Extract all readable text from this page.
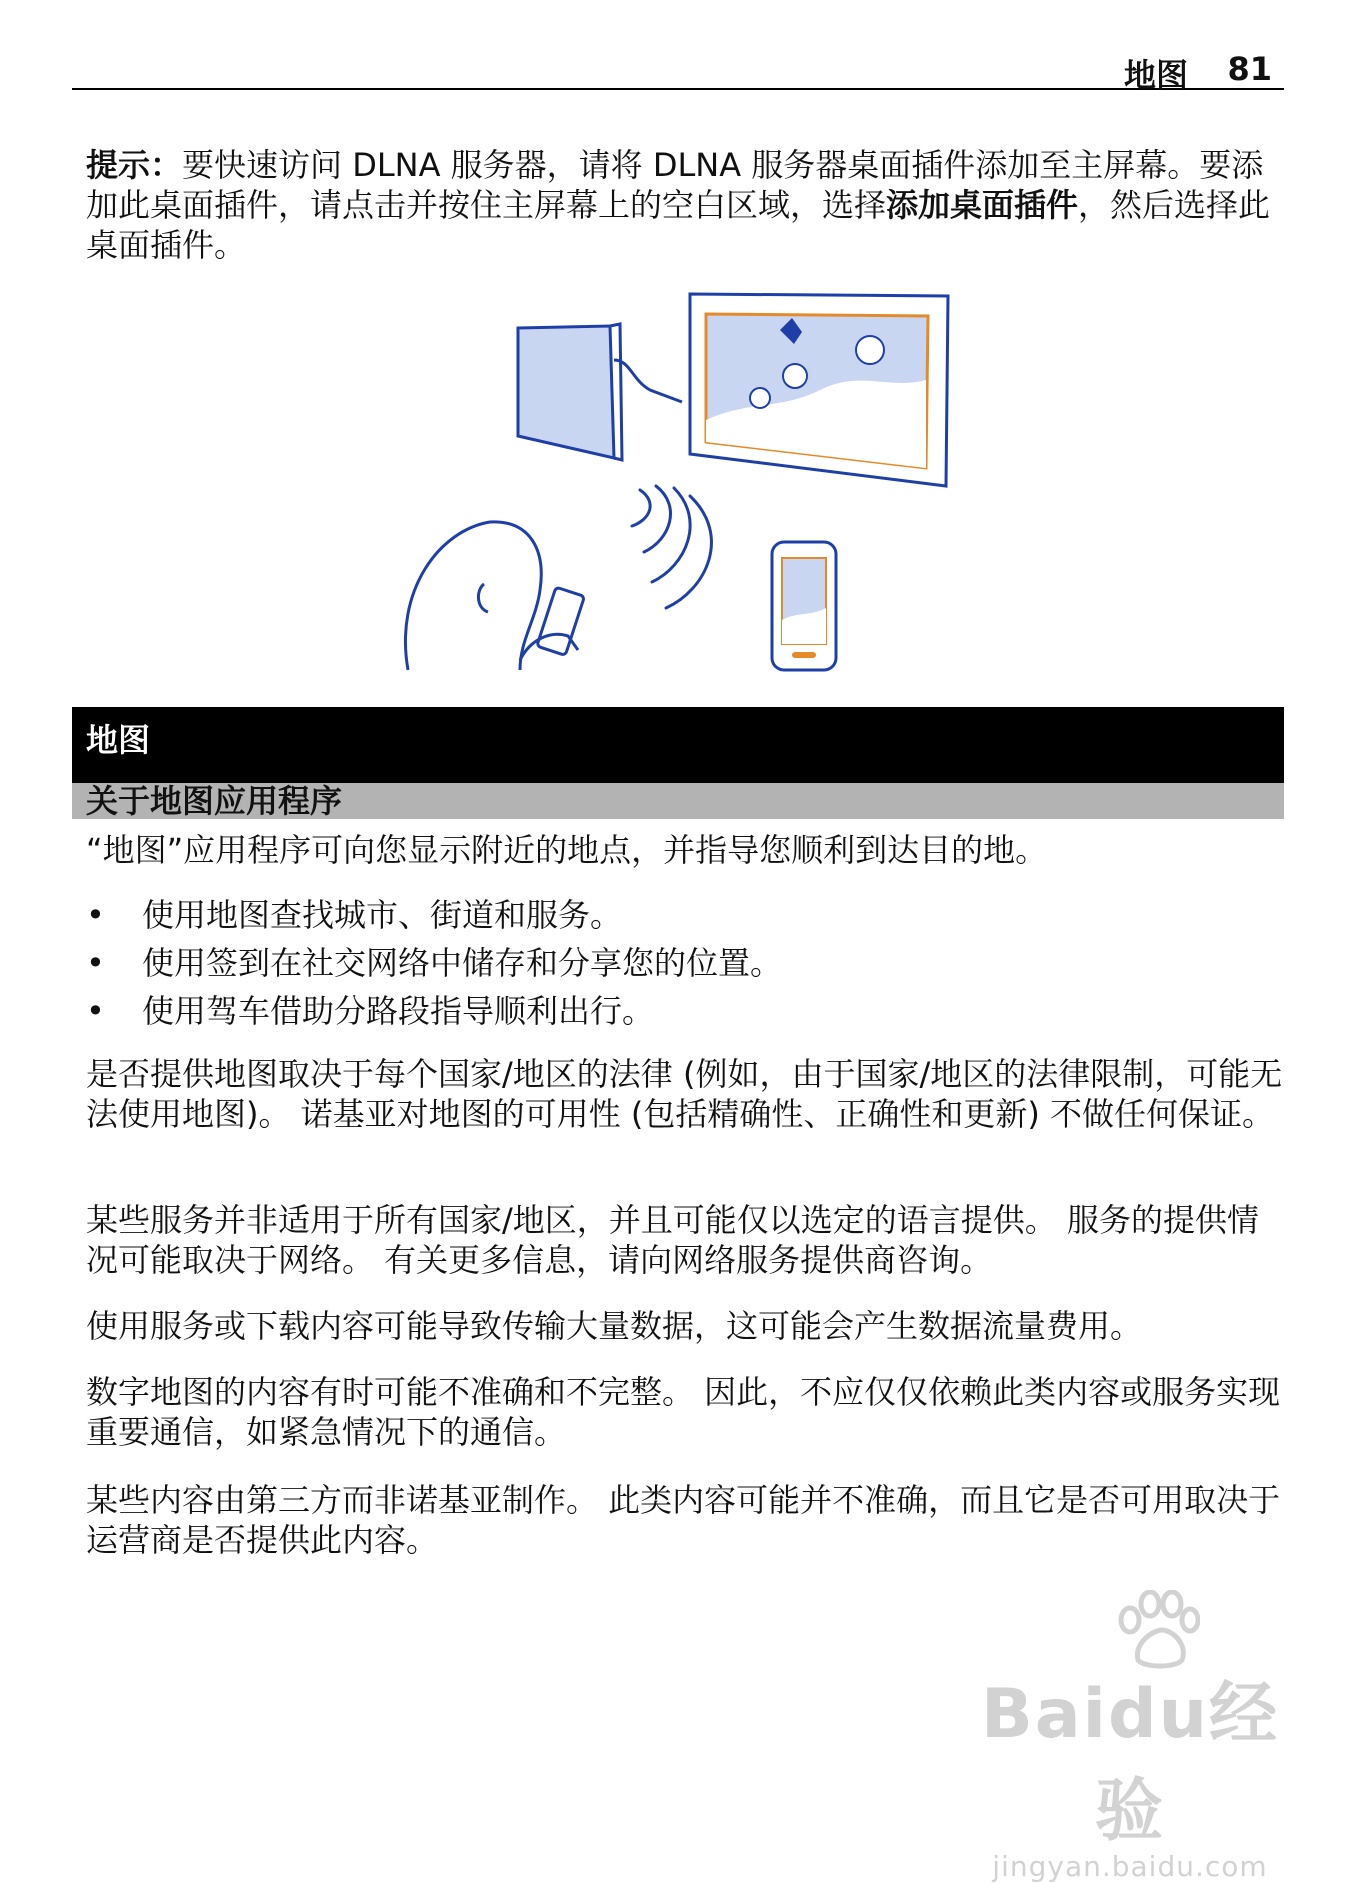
地图 81
提示：要快速访问 DLNA 服务器，请将 DLNA 服务器桌面插件添加至主屏幕。要添加此桌面插件，请点击并按住主屏幕上的空白区域，选择添加桌面插件，然后选择此桌面插件。
地图
关于地图应用程序
“地图”应用程序可向您显示附近的地点，并指导您顺利到达目的地。
• 使用地图查找城市、街道和服务。
• 使用签到在社交网络中储存和分享您的位置。
• 使用驾车借助分路段指导顺利出行。
是否提供地图取决于每个国家/地区的法律 (例如，由于国家/地区的法律限制，可能无法使用地图)。 诺基亚对地图的可用性 (包括精确性、正确性和更新) 不做任何保证。
某些服务并非适用于所有国家/地区，并且可能仅以选定的语言提供。 服务的提供情况可能取决于网络。 有关更多信息，请向网络服务提供商咨询。
使用服务或下载内容可能导致传输大量数据，这可能会产生数据流量费用。
数字地图的内容有时可能不准确和不完整。 因此，不应仅仅依赖此类内容或服务实现重要通信，如紧急情况下的通信。
某些内容由第三方而非诺基亚制作。 此类内容可能并不准确，而且它是否可用取决于运营商是否提供此内容。
Baidu经验
jingyan.baidu.com
